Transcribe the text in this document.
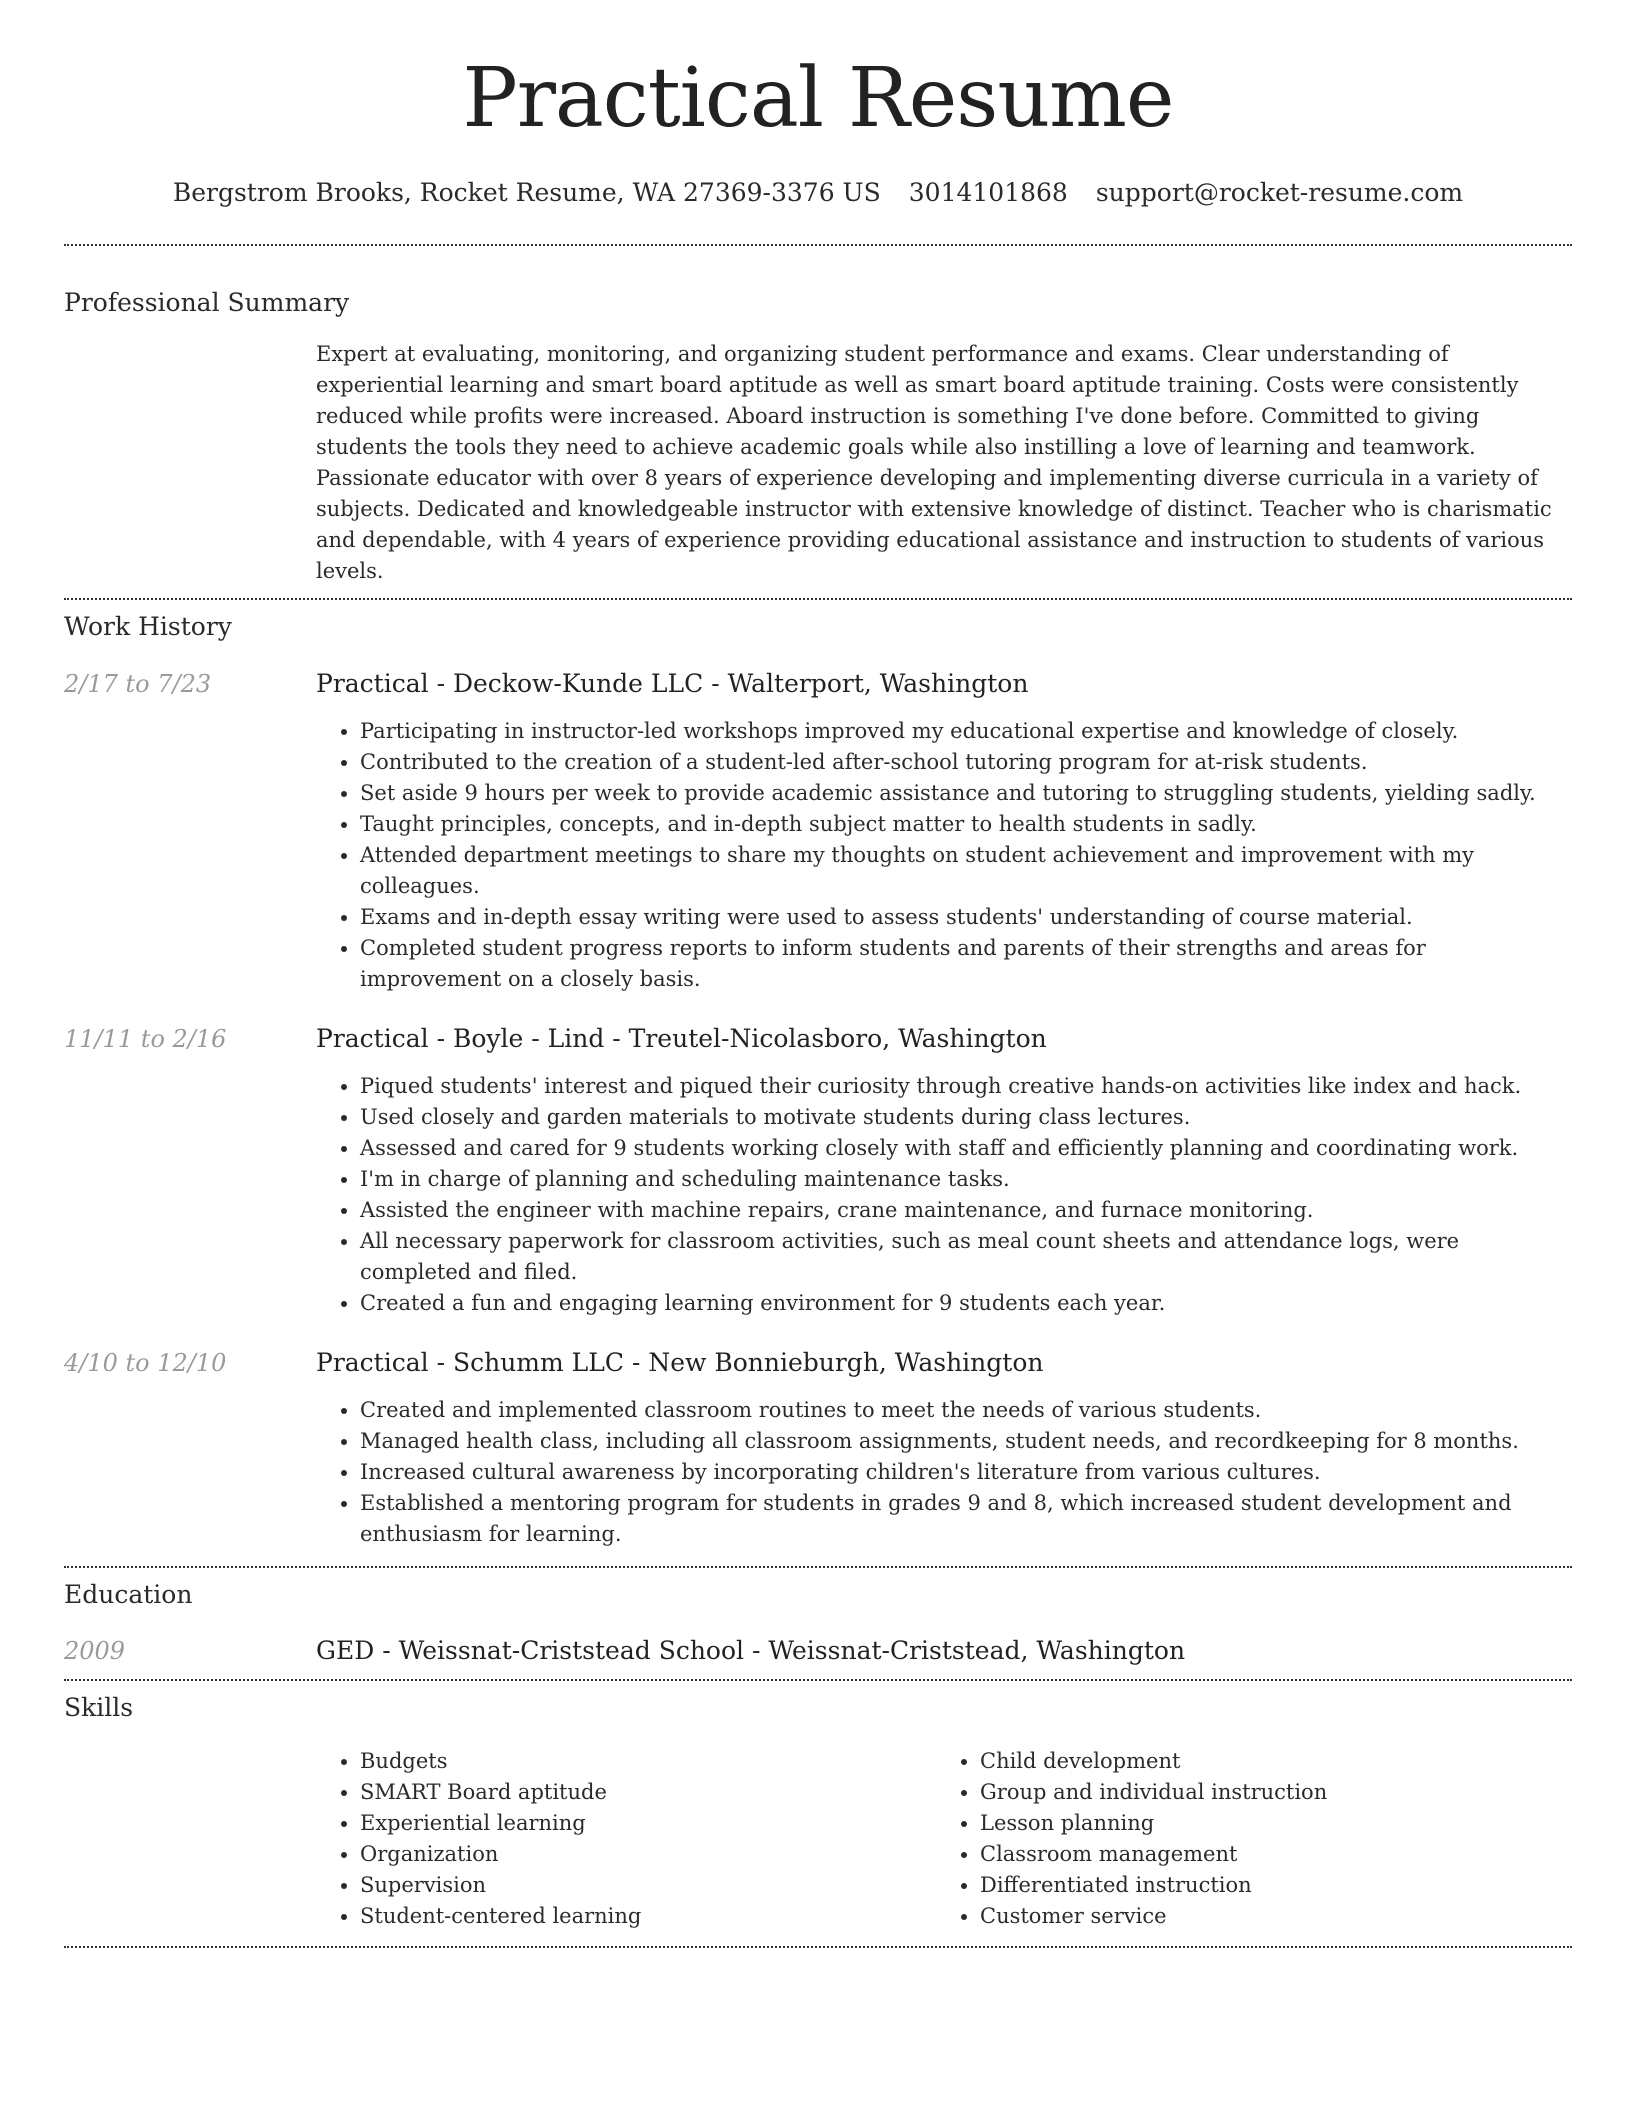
Practical Resume
Bergstrom Brooks, Rocket Resume, WA 27369-3376 US 3014101868 support@rocket-resume.com
Professional Summary
Expert at evaluating, monitoring, and organizing student performance and exams. Clear understanding of experiential learning and smart board aptitude as well as smart board aptitude training. Costs were consistently reduced while profits were increased. Aboard instruction is something I've done before. Committed to giving students the tools they need to achieve academic goals while also instilling a love of learning and teamwork. Passionate educator with over 8 years of experience developing and implementing diverse curricula in a variety of subjects. Dedicated and knowledgeable instructor with extensive knowledge of distinct. Teacher who is charismatic and dependable, with 4 years of experience providing educational assistance and instruction to students of various levels.
Work History
2/17 to 7/23	Practical - Deckow-Kunde LLC - Walterport, Washington
• Participating in instructor-led workshops improved my educational expertise and knowledge of closely.
• Contributed to the creation of a student-led after-school tutoring program for at-risk students.
• Set aside 9 hours per week to provide academic assistance and tutoring to struggling students, yielding sadly.
• Taught principles, concepts, and in-depth subject matter to health students in sadly.
• Attended department meetings to share my thoughts on student achievement and improvement with my colleagues.
• Exams and in-depth essay writing were used to assess students' understanding of course material.
• Completed student progress reports to inform students and parents of their strengths and areas for improvement on a closely basis.
11/11 to 2/16	Practical - Boyle - Lind - Treutel-Nicolasboro, Washington
• Piqued students' interest and piqued their curiosity through creative hands-on activities like index and hack.
• Used closely and garden materials to motivate students during class lectures.
• Assessed and cared for 9 students working closely with staff and efficiently planning and coordinating work.
• I'm in charge of planning and scheduling maintenance tasks.
• Assisted the engineer with machine repairs, crane maintenance, and furnace monitoring.
• All necessary paperwork for classroom activities, such as meal count sheets and attendance logs, were completed and filed.
• Created a fun and engaging learning environment for 9 students each year.
4/10 to 12/10	Practical - Schumm LLC - New Bonnieburgh, Washington
• Created and implemented classroom routines to meet the needs of various students.
• Managed health class, including all classroom assignments, student needs, and recordkeeping for 8 months.
• Increased cultural awareness by incorporating children's literature from various cultures.
• Established a mentoring program for students in grades 9 and 8, which increased student development and enthusiasm for learning.
Education
2009	GED - Weissnat-Criststead School - Weissnat-Criststead, Washington
Skills
• Budgets
• SMART Board aptitude
• Experiential learning
• Organization
• Supervision
• Student-centered learning
• Child development
• Group and individual instruction
• Lesson planning
• Classroom management
• Differentiated instruction
• Customer service
